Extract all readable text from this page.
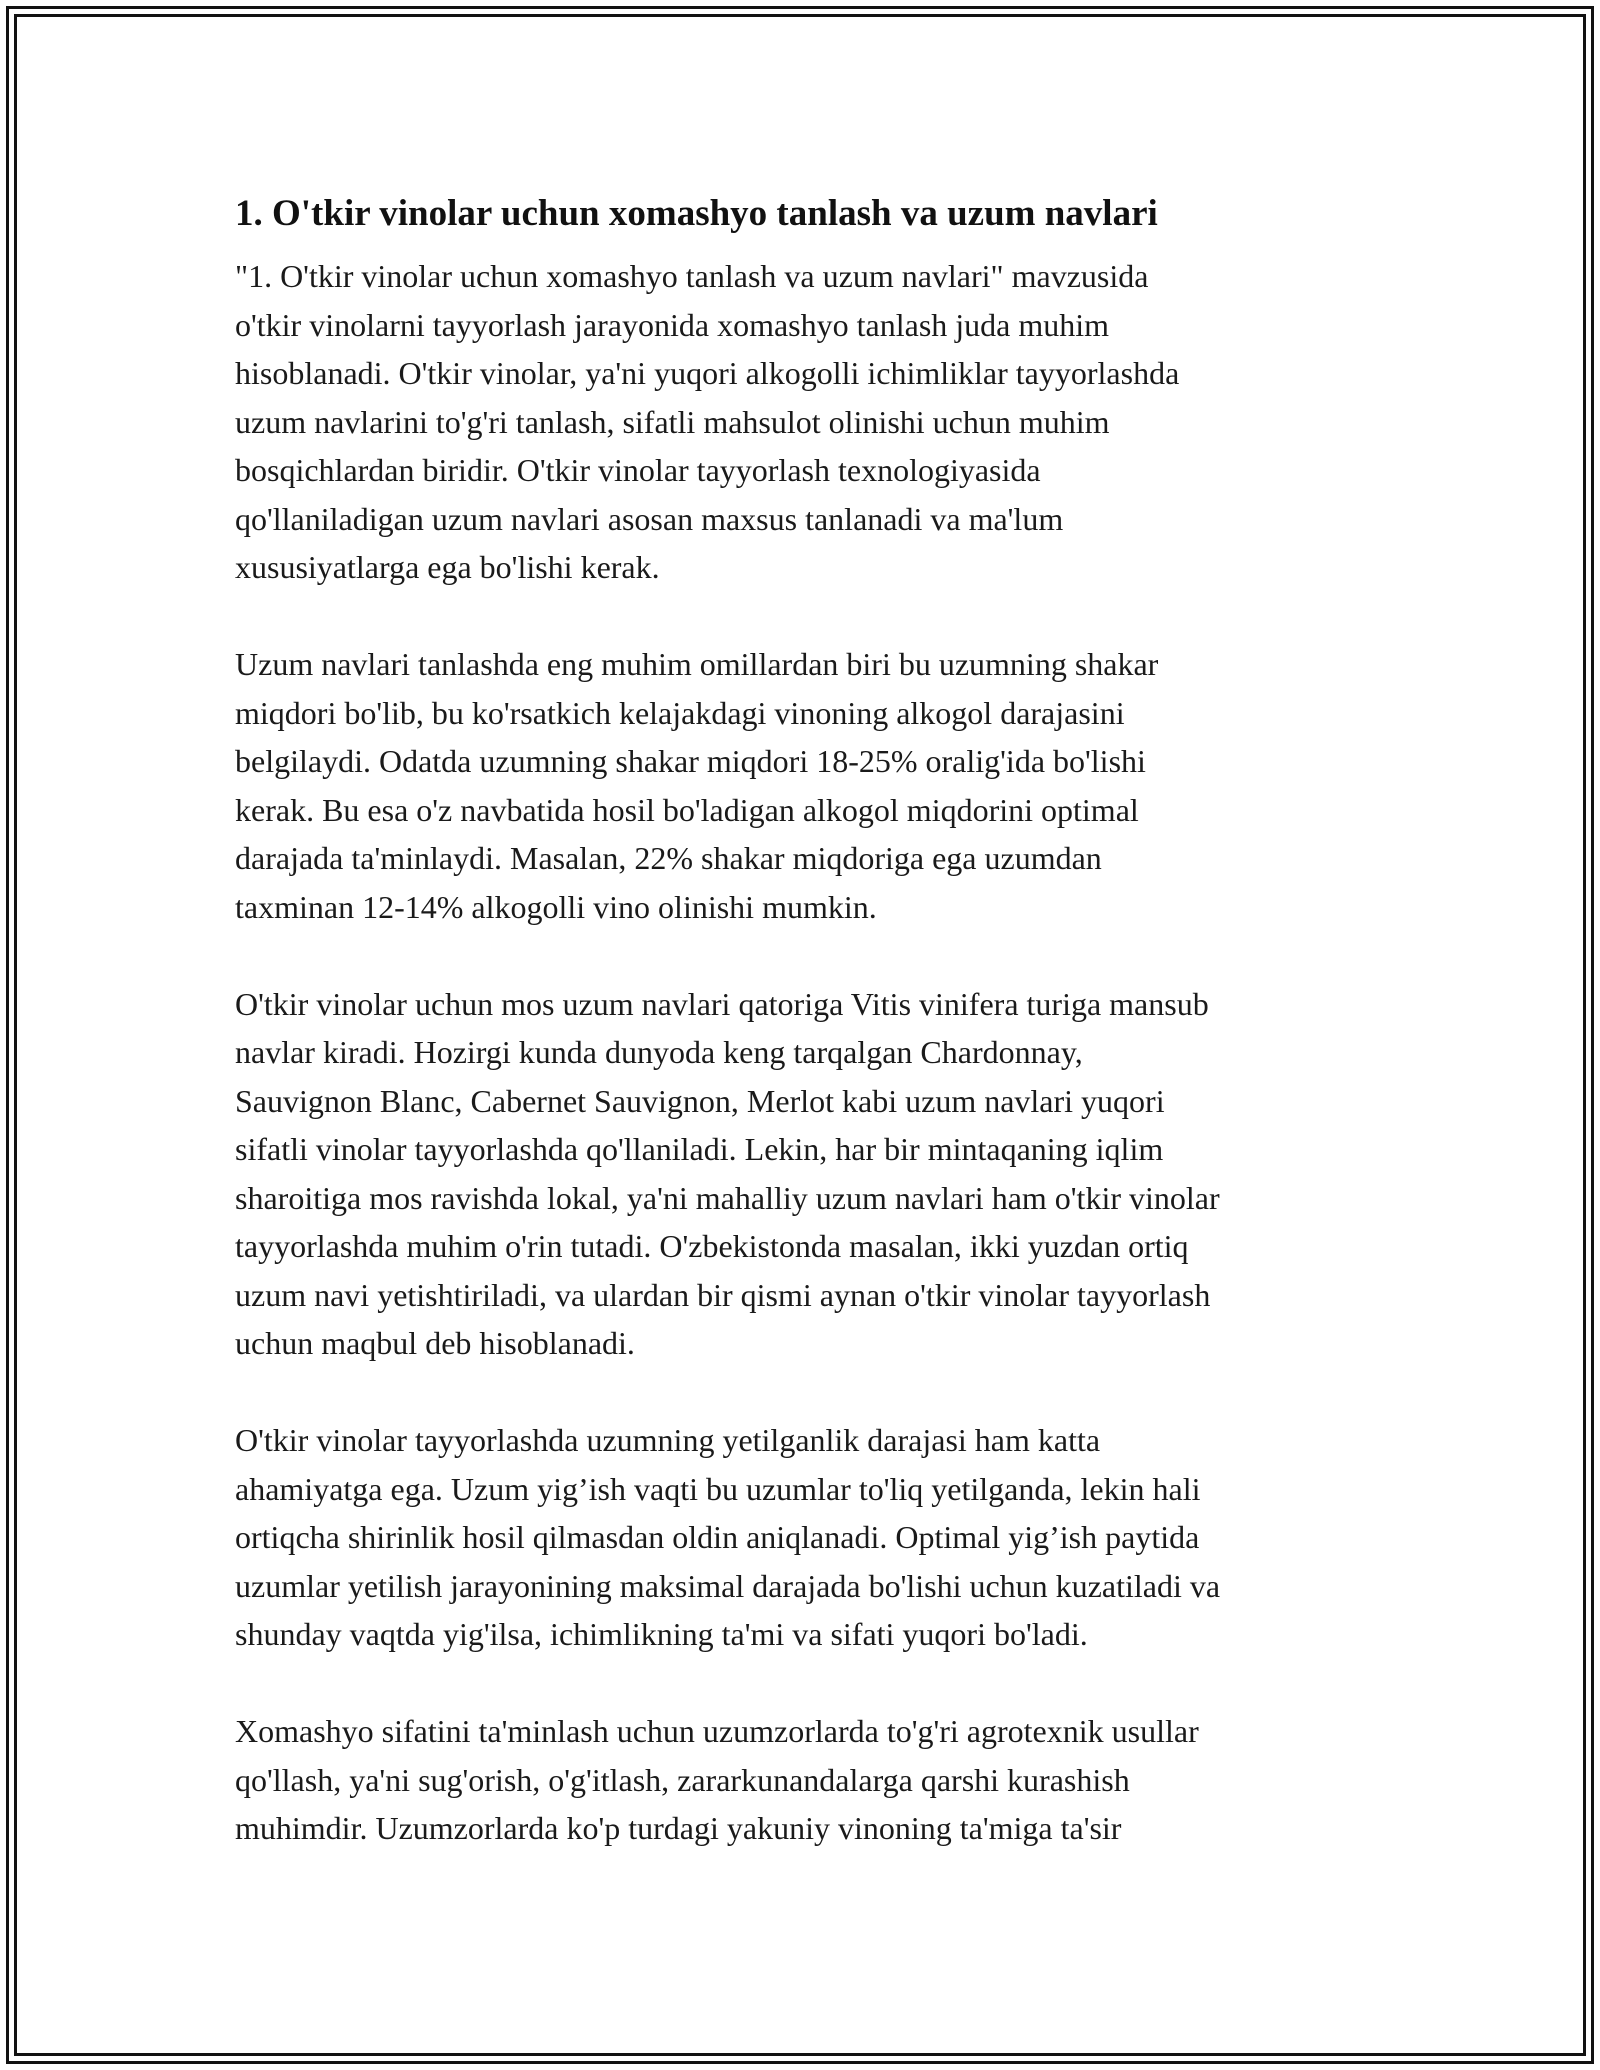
1. O'tkir vinolar uchun xomashyo tanlash va uzum navlari

"1. O'tkir vinolar uchun xomashyo tanlash va uzum navlari" mavzusida
o'tkir vinolarni tayyorlash jarayonida xomashyo tanlash juda muhim
hisoblanadi. O'tkir vinolar, ya'ni yuqori alkogolli ichimliklar tayyorlashda
uzum navlarini to'g'ri tanlash, sifatli mahsulot olinishi uchun muhim
bosqichlardan biridir. O'tkir vinolar tayyorlash texnologiyasida
qo'llaniladigan uzum navlari asosan maxsus tanlanadi va ma'lum
xususiyatlarga ega bo'lishi kerak.

Uzum navlari tanlashda eng muhim omillardan biri bu uzumning shakar
miqdori bo'lib, bu ko'rsatkich kelajakdagi vinoning alkogol darajasini
belgilaydi. Odatda uzumning shakar miqdori 18-25% oralig'ida bo'lishi
kerak. Bu esa o'z navbatida hosil bo'ladigan alkogol miqdorini optimal
darajada ta'minlaydi. Masalan, 22% shakar miqdoriga ega uzumdan
taxminan 12-14% alkogolli vino olinishi mumkin.

O'tkir vinolar uchun mos uzum navlari qatoriga Vitis vinifera turiga mansub
navlar kiradi. Hozirgi kunda dunyoda keng tarqalgan Chardonnay,
Sauvignon Blanc, Cabernet Sauvignon, Merlot kabi uzum navlari yuqori
sifatli vinolar tayyorlashda qo'llaniladi. Lekin, har bir mintaqaning iqlim
sharoitiga mos ravishda lokal, ya'ni mahalliy uzum navlari ham o'tkir vinolar
tayyorlashda muhim o'rin tutadi. O'zbekistonda masalan, ikki yuzdan ortiq
uzum navi yetishtiriladi, va ulardan bir qismi aynan o'tkir vinolar tayyorlash
uchun maqbul deb hisoblanadi.

O'tkir vinolar tayyorlashda uzumning yetilganlik darajasi ham katta
ahamiyatga ega. Uzum yig’ish vaqti bu uzumlar to'liq yetilganda, lekin hali
ortiqcha shirinlik hosil qilmasdan oldin aniqlanadi. Optimal yig’ish paytida
uzumlar yetilish jarayonining maksimal darajada bo'lishi uchun kuzatiladi va
shunday vaqtda yig'ilsa, ichimlikning ta'mi va sifati yuqori bo'ladi.

Xomashyo sifatini ta'minlash uchun uzumzorlarda to'g'ri agrotexnik usullar
qo'llash, ya'ni sug'orish, o'g'itlash, zararkunandalarga qarshi kurashish
muhimdir. Uzumzorlarda ko'p turdagi yakuniy vinoning ta'miga ta'sir
